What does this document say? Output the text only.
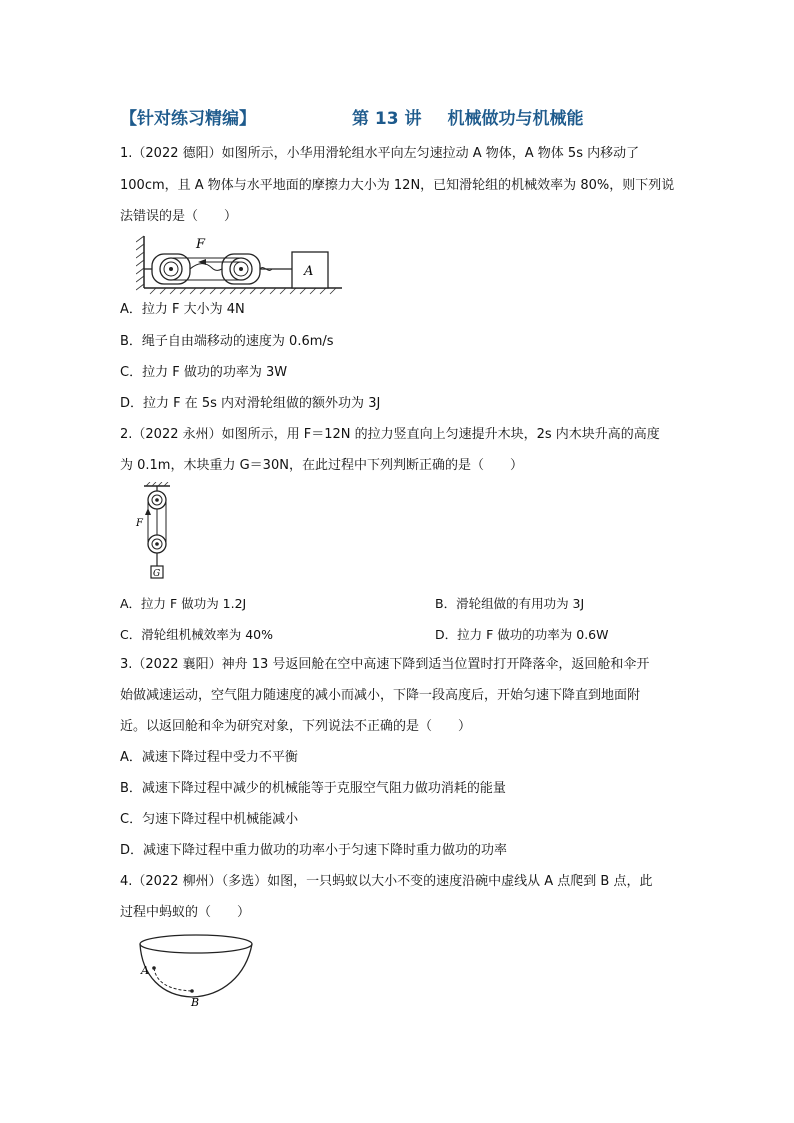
【针对练习精编】	第 13 讲 机械做功与机械能
1.（2022 德阳）如图所示，小华用滑轮组水平向左匀速拉动 A 物体，A 物体 5s 内移动了
100cm，且 A 物体与水平地面的摩擦力大小为 12N，已知滑轮组的机械效率为 80%，则下列说
法错误的是（　　）
F
A
A．拉力 F 大小为 4N
B．绳子自由端移动的速度为 0.6m/s
C．拉力 F 做功的功率为 3W
D．拉力 F 在 5s 内对滑轮组做的额外功为 3J
2.（2022 永州）如图所示，用 F＝12N 的拉力竖直向上匀速提升木块，2s 内木块升高的高度
为 0.1m，木块重力 G＝30N，在此过程中下列判断正确的是（　　）
F
G
A．拉力 F 做功为 1.2J	B．滑轮组做的有用功为 3J
C．滑轮组机械效率为 40%	D．拉力 F 做功的功率为 0.6W
3.（2022 襄阳）神舟 13 号返回舱在空中高速下降到适当位置时打开降落伞，返回舱和伞开
始做减速运动，空气阻力随速度的减小而减小，下降一段高度后，开始匀速下降直到地面附
近。以返回舱和伞为研究对象，下列说法不正确的是（　　）
A．减速下降过程中受力不平衡
B．减速下降过程中减少的机械能等于克服空气阻力做功消耗的能量
C．匀速下降过程中机械能减小
D．减速下降过程中重力做功的功率小于匀速下降时重力做功的功率
4.（2022 柳州）（多选）如图，一只蚂蚁以大小不变的速度沿碗中虚线从 A 点爬到 B 点，此
过程中蚂蚁的（　　）
A
B
